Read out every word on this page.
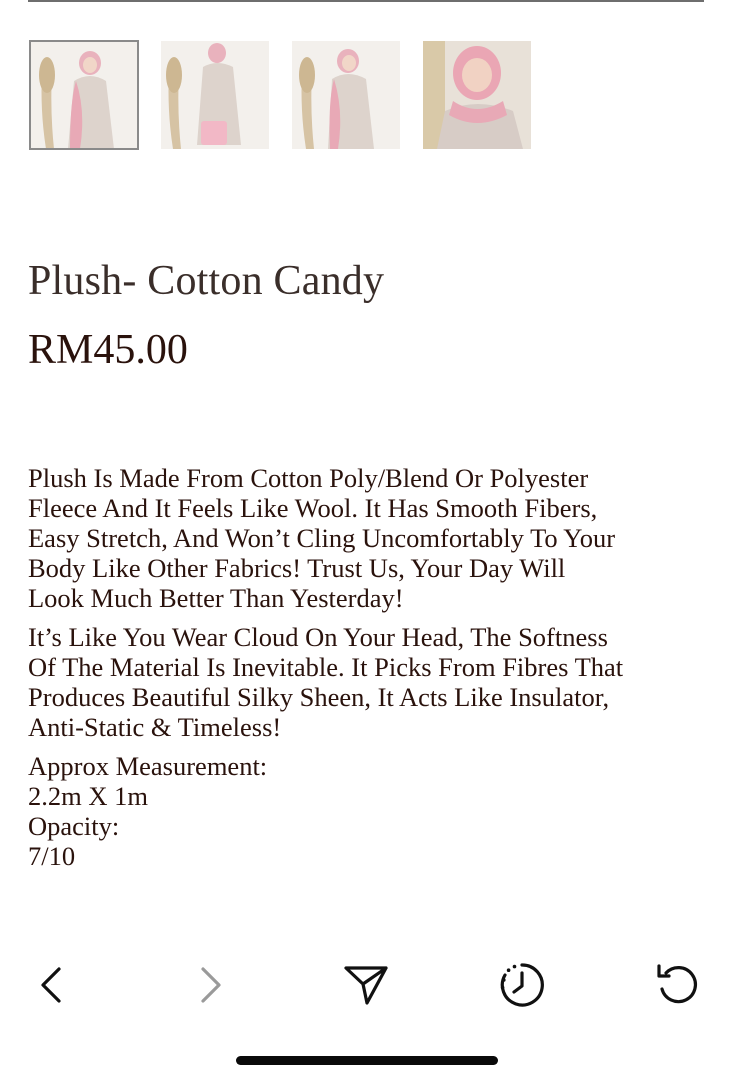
Plush- Cotton Candy
RM45.00

Plush Is Made From Cotton Poly/Blend Or Polyester
Fleece And It Feels Like Wool. It Has Smooth Fibers,
Easy Stretch, And Won’t Cling Uncomfortably To Your
Body Like Other Fabrics! Trust Us, Your Day Will
Look Much Better Than Yesterday!

It’s Like You Wear Cloud On Your Head, The Softness
Of The Material Is Inevitable. It Picks From Fibres That
Produces Beautiful Silky Sheen, It Acts Like Insulator,
Anti-Static & Timeless!

Approx Measurement:
2.2m X 1m
Opacity:
7/10
